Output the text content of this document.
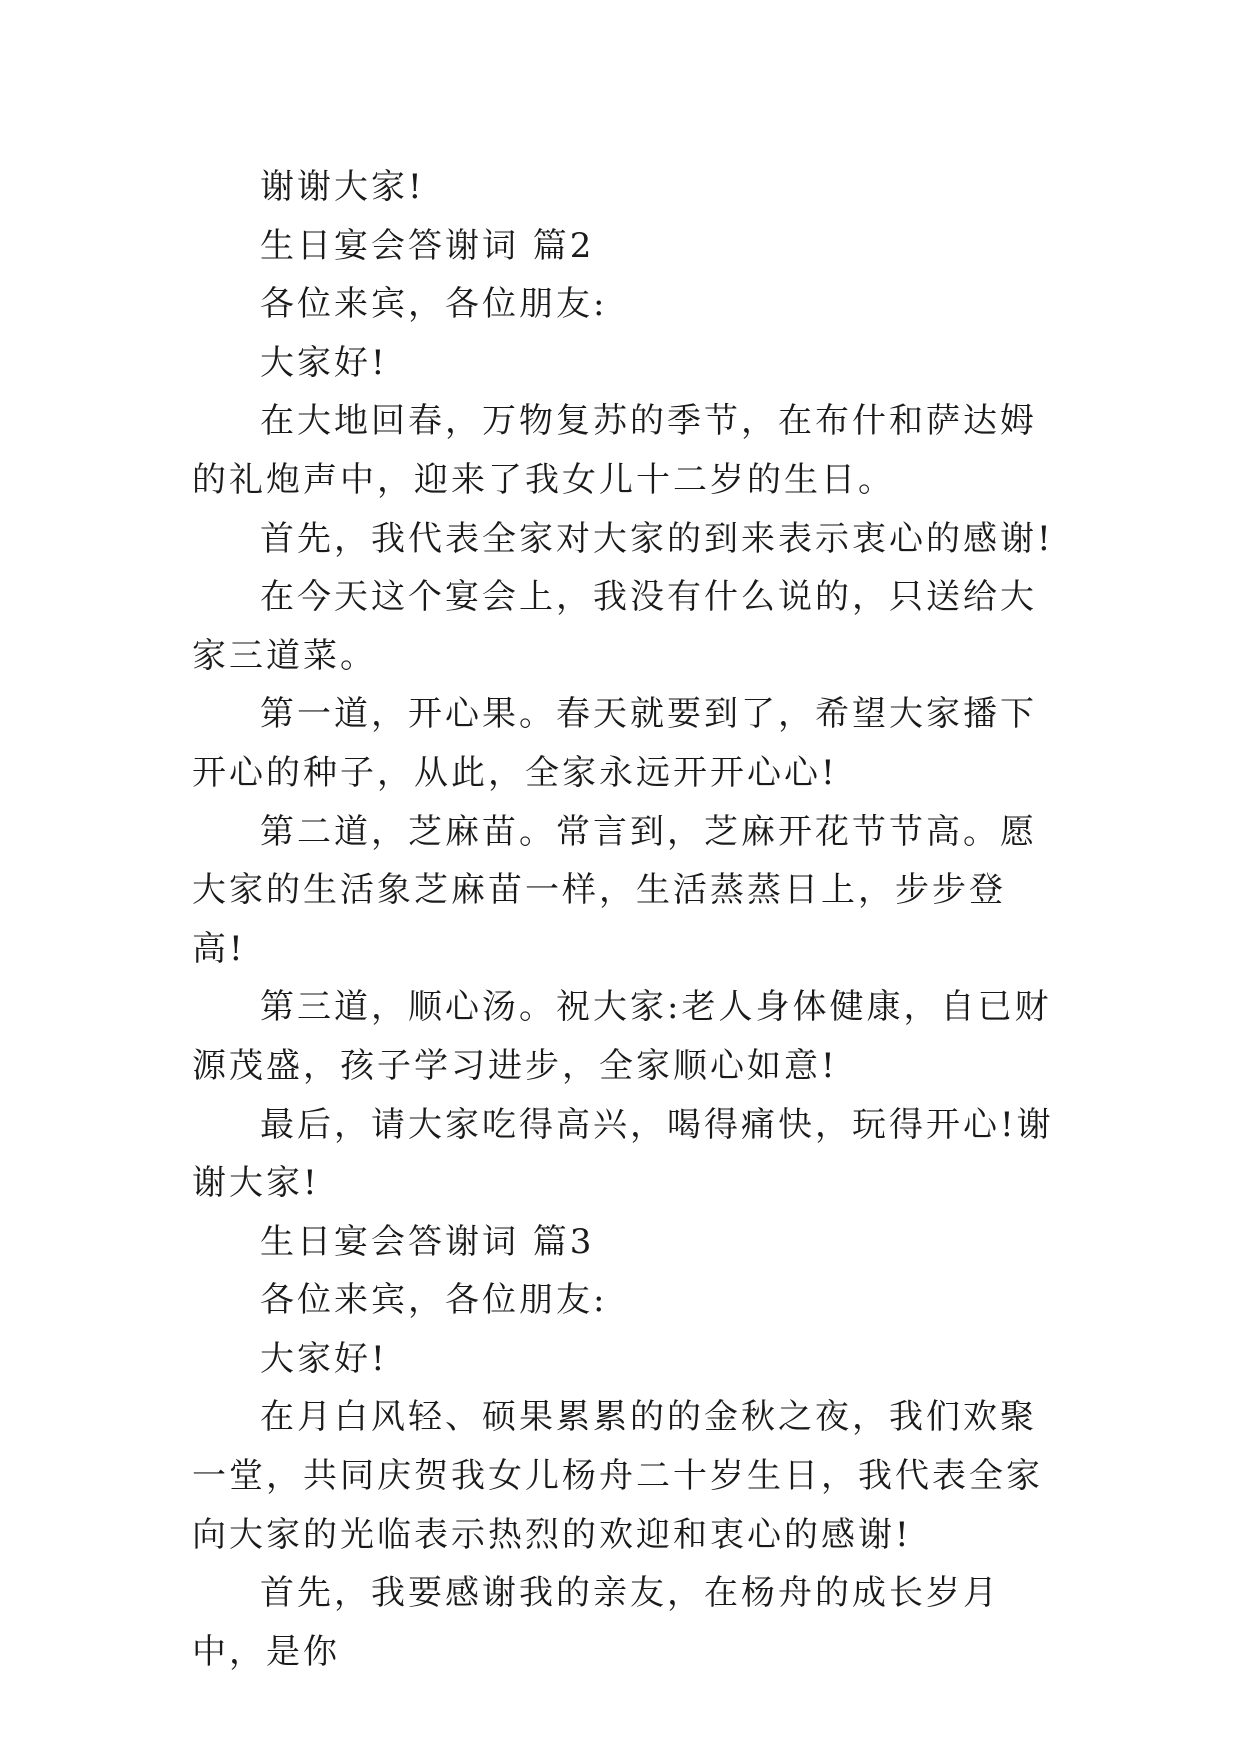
谢谢大家!

生日宴会答谢词 篇2

各位来宾，各位朋友:

大家好!

在大地回春，万物复苏的季节，在布什和萨达姆的礼炮声中，迎来了我女儿十二岁的生日。

首先，我代表全家对大家的到来表示衷心的感谢!

在今天这个宴会上，我没有什么说的，只送给大家三道菜。

第一道，开心果。春天就要到了，希望大家播下开心的种子，从此，全家永远开开心心!

第二道，芝麻苗。常言到，芝麻开花节节高。愿大家的生活象芝麻苗一样，生活蒸蒸日上，步步登高!

第三道，顺心汤。祝大家:老人身体健康，自已财源茂盛，孩子学习进步，全家顺心如意!

最后，请大家吃得高兴，喝得痛快，玩得开心!谢谢大家!

生日宴会答谢词 篇3

各位来宾，各位朋友:

大家好!

在月白风轻、硕果累累的的金秋之夜，我们欢聚一堂，共同庆贺我女儿杨舟二十岁生日，我代表全家向大家的光临表示热烈的欢迎和衷心的感谢!

首先，我要感谢我的亲友，在杨舟的成长岁月中，是你
